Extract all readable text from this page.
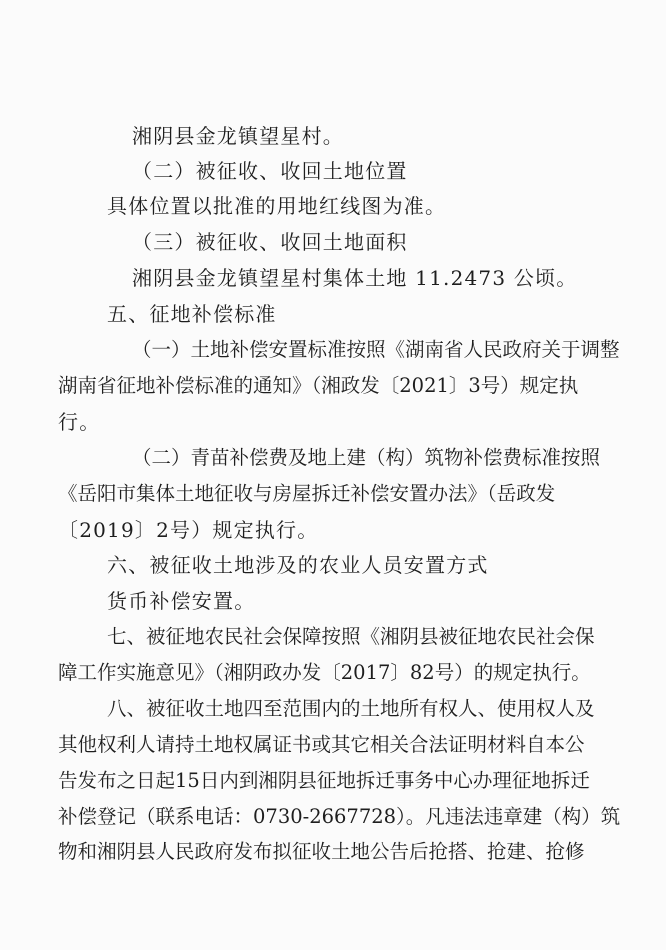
湘阴县金龙镇望星村。
（二）被征收、收回土地位置
具体位置以批准的用地红线图为准。
（三）被征收、收回土地面积
湘阴县金龙镇望星村集体土地 11.2473 公顷。
五、征地补偿标准
（一）土地补偿安置标准按照《湖南省人民政府关于调整
湖南省征地补偿标准的通知》（湘政发〔2021〕3号）规定执
行。
（二）青苗补偿费及地上建（构）筑物补偿费标准按照
《岳阳市集体土地征收与房屋拆迁补偿安置办法》（岳政发
〔2019〕2号）规定执行。
六、被征收土地涉及的农业人员安置方式
货币补偿安置。
七、被征地农民社会保障按照《湘阴县被征地农民社会保
障工作实施意见》（湘阴政办发〔2017〕82号）的规定执行。
八、被征收土地四至范围内的土地所有权人、使用权人及
其他权利人请持土地权属证书或其它相关合法证明材料自本公
告发布之日起15日内到湘阴县征地拆迁事务中心办理征地拆迁
补偿登记（联系电话：0730-2667728）。凡违法违章建（构）筑
物和湘阴县人民政府发布拟征收土地公告后抢搭、抢建、抢修
